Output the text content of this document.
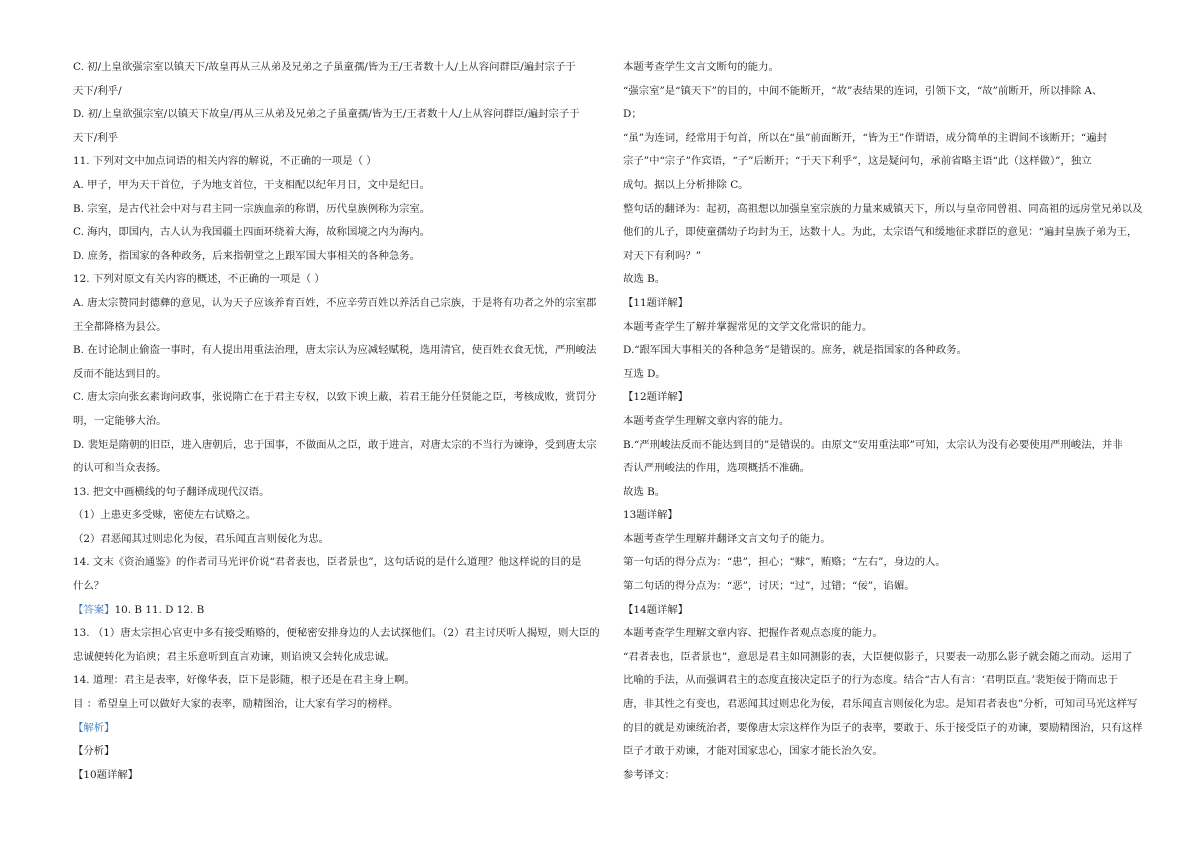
C. 初/上皇欲强宗室以镇天下/故皇再从三从弟及兄弟之子虽童孺/皆为王/王者数十人/上从容问群臣/遍封宗子于
天下/利乎/
D. 初/上皇欲强宗室/以镇天下故皇/再从三从弟及兄弟之子虽童孺/皆为王/王者数十人/上从容问群臣/遍封宗子于
天下/利乎
11. 下列对文中加点词语的相关内容的解说，不正确的一项是（ ）
A. 甲子，甲为天干首位，子为地支首位，干支相配以纪年月日，文中是纪日。
B. 宗室，是古代社会中对与君主同一宗族血亲的称谓，历代皇族例称为宗室。
C. 海内，即国内，古人认为我国疆土四面环绕着大海，故称国境之内为海内。
D. 庶务，指国家的各种政务，后来指朝堂之上跟军国大事相关的各种急务。
12. 下列对原文有关内容的概述，不正确的一项是（ ）
A. 唐太宗赞同封德彝的意见，认为天子应该养育百姓，不应辛劳百姓以养活自己宗族，于是将有功者之外的宗室郡
王全都降格为县公。
B. 在讨论制止偷盗一事时，有人提出用重法治理，唐太宗认为应减轻赋税，选用清官，使百姓衣食无忧，严刑峻法
反而不能达到目的。
C. 唐太宗向张玄素询问政事，张说隋亡在于君主专权，以致下谀上蔽，若君王能分任贤能之臣，考核成败，赏罚分
明，一定能够大治。
D. 裴矩是隋朝的旧臣，进入唐朝后，忠于国事，不做面从之臣，敢于进言，对唐太宗的不当行为谏诤，受到唐太宗
的认可和当众表扬。
13. 把文中画横线的句子翻译成现代汉语。
（1）上患吏多受赇，密使左右试赂之。
（2）君恶闻其过则忠化为佞，君乐闻直言则佞化为忠。
14. 文末《资治通鉴》的作者司马光评价说“君者表也，臣者景也”，这句话说的是什么道理？他这样说的目的是
什么？
【答案】10. B 11. D 12. B
13. （1）唐太宗担心官吏中多有接受贿赂的，便秘密安排身边的人去试探他们。（2）君主讨厌听人揭短，则大臣的
忠诚便转化为谄谀；君主乐意听到直言劝谏，则谄谀又会转化成忠诚。
14. 道理：君主是表率，好像华表，臣下是影随，根子还是在君主身上啊。
目 ：希望皇上可以做好大家的表率，励精图治，让大家有学习的榜样。
【解析】
【分析】
【10题详解】
本题考查学生文言文断句的能力。
“强宗室”是“镇天下”的目的，中间不能断开，“故”表结果的连词，引领下文，“故”前断开，所以排除 A、
D；
“虽”为连词，经常用于句首，所以在“虽”前面断开，“皆为王”作谓语，成分简单的主谓间不该断开；“遍封
宗子”中“宗子”作宾语，“子”后断开；“于天下利乎”，这是疑问句，承前省略主语“此（这样做）”，独立
成句。据以上分析排除 C。
整句话的翻译为：起初，高祖想以加强皇室宗族的力量来威镇天下，所以与皇帝同曾祖、同高祖的远房堂兄弟以及
他们的儿子，即使童孺幼子均封为王，达数十人。为此，太宗语气和缓地征求群臣的意见：“遍封皇族子弟为王，
对天下有利吗？”
故选 B。
【11题详解】
本题考查学生了解并掌握常见的文学文化常识的能力。
D.“跟军国大事相关的各种急务”是错误的。庶务，就是指国家的各种政务。
互选 D。
【12题详解】
本题考查学生理解文章内容的能力。
B.“严刑峻法反而不能达到目的”是错误的。由原文“安用重法耶”可知，太宗认为没有必要使用严刑峻法，并非
否认严刑峻法的作用，选项概括不准确。
故选 B。
13题详解】
本题考查学生理解并翻译文言文句子的能力。
第一句话的得分点为：“患”，担心；“赇”，贿赂；“左右”，身边的人。
第二句话的得分点为：“恶”，讨厌；“过”，过错；“佞”，谄媚。
【14题详解】
本题考查学生理解文章内容、把握作者观点态度的能力。
“君者表也，臣者景也”，意思是君主如同测影的表，大臣便似影子，只要表一动那么影子就会随之而动。运用了
比喻的手法，从而强调君主的态度直接决定臣子的行为态度。结合“古人有言：‘君明臣直。’裴矩佞于隋而忠于
唐，非其性之有变也，君恶闻其过则忠化为佞，君乐闻直言则佞化为忠。是知君者表也”分析，可知司马光这样写
的目的就是劝谏统治者，要像唐太宗这样作为臣子的表率，要敢于、乐于接受臣子的劝谏，要励精图治，只有这样
臣子才敢于劝谏，才能对国家忠心，国家才能长治久安。
参考译文：
